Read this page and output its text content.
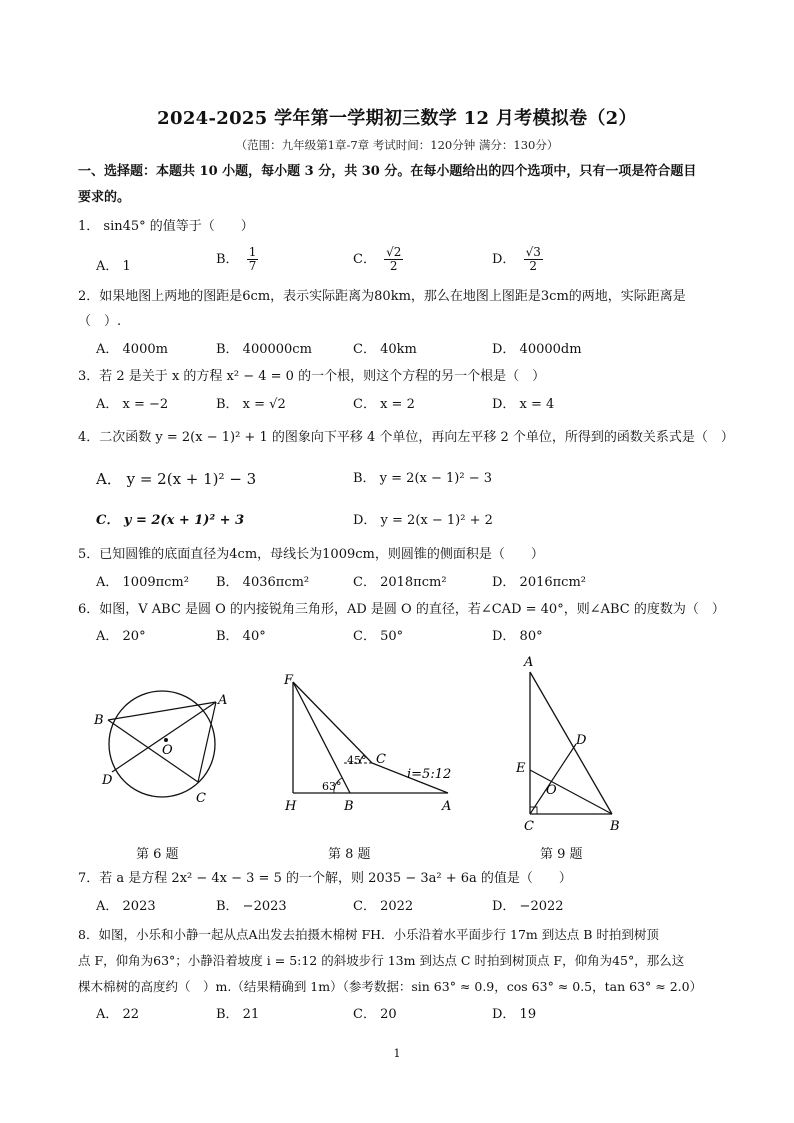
2024-2025 学年第一学期初三数学 12 月考模拟卷（2）
（范围：九年级第1章-7章 考试时间：120分钟 满分：130分）
一、选择题：本题共 10 小题，每小题 3 分，共 30 分。在每小题给出的四个选项中，只有一项是符合题目
要求的。
1． sin45° 的值等于（　　）
A． 1	B． $\frac{1}{7}$	C． $\frac{√2}{2}$	D． $\frac{√3}{2}$
2．如果地图上两地的图距是6cm，表示实际距离为80km，那么在地图上图距是3cm的两地，实际距离是
（　）.
A． 4000m	B． 400000cm	C． 40km	D． 40000dm
3．若 2 是关于 x 的方程 x² − 4 = 0 的一个根，则这个方程的另一个根是（　）
A． x = −2	B． x = √2	C． x = 2	D． x = 4
4．二次函数 y = 2(x − 1)² + 1 的图象向下平移 4 个单位，再向左平移 2 个单位，所得到的函数关系式是（　）
A． y = 2(x + 1)² − 3	B． y = 2(x − 1)² − 3
C． y = 2(x + 1)² + 3	D． y = 2(x − 1)² + 2
5．已知圆锥的底面直径为4cm，母线长为1009cm，则圆锥的侧面积是（　　）
A． 1009πcm² B． 4036πcm²	C． 2018πcm²	D． 2016πcm²
6．如图，V ABC 是圆 O 的内接锐角三角形，AD 是圆 O 的直径，若∠CAD = 40°，则∠ABC 的度数为（　）
A． 20°	B． 40°	C． 50°	D． 80°
A
B
C
D
O
第 6 题
F
H	B
C
A
63°
45°
i=5:12
第 8 题
A
D
E
O
C	B
第 9 题
7．若 a 是方程 2x² − 4x − 3 = 5 的一个解，则 2035 − 3a² + 6a 的值是（　　）
A． 2023	B． −2023	C． 2022	D． −2022
8．如图，小乐和小静一起从点A出发去拍摄木棉树 FH．小乐沿着水平面步行 17m 到达点 B 时拍到树顶
点 F，仰角为63°；小静沿着坡度 i = 5:12 的斜坡步行 13m 到达点 C 时拍到树顶点 F，仰角为45°，那么这
棵木棉树的高度约（　）m.（结果精确到 1m）（参考数据：sin 63° ≈ 0.9，cos 63° ≈ 0.5，tan 63° ≈ 2.0）
A． 22	B． 21	C． 20	D． 19
1
